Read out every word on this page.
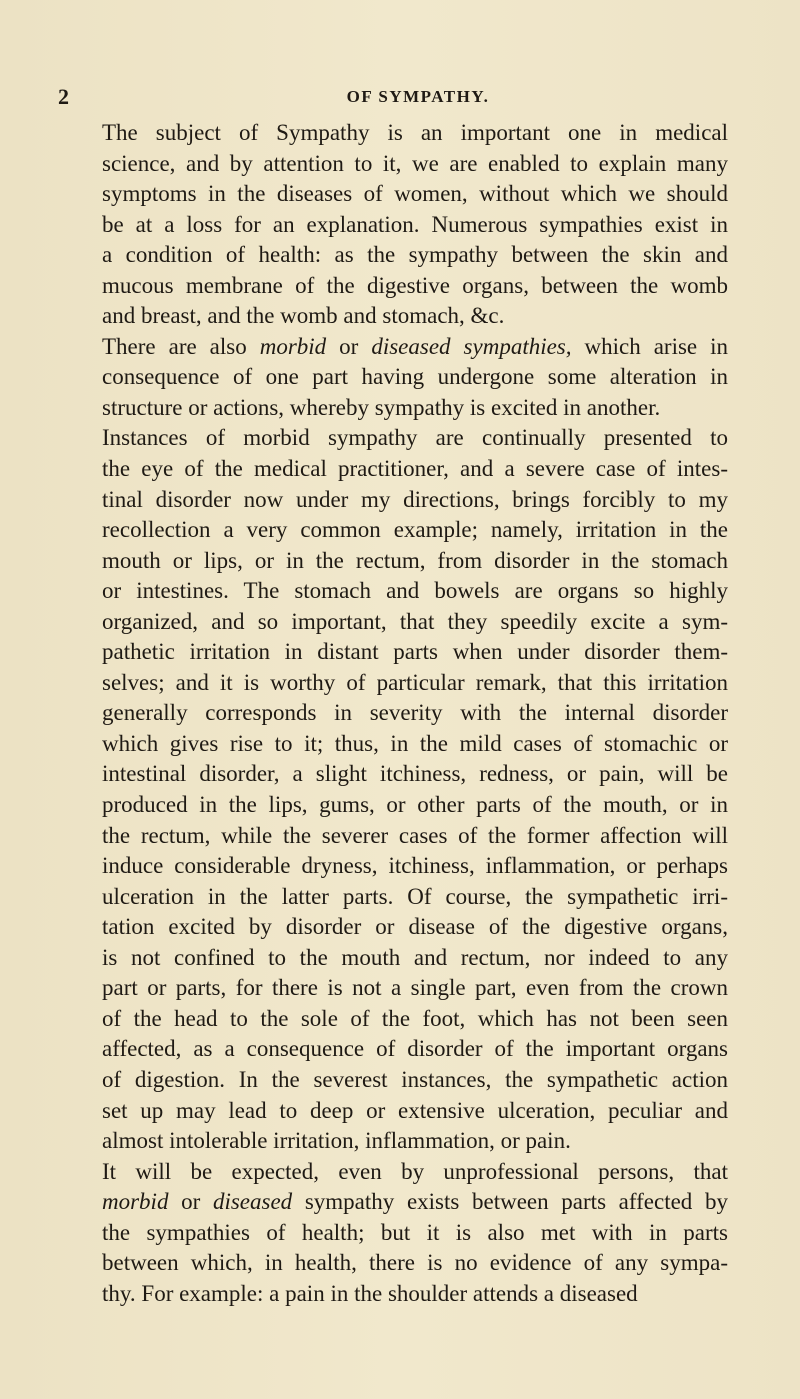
2	OF SYMPATHY.
The subject of Sympathy is an important one in medical
science, and by attention to it, we are enabled to explain many
symptoms in the diseases of women, without which we should
be at a loss for an explanation. Numerous sympathies exist in
a condition of health: as the sympathy between the skin and
mucous membrane of the digestive organs, between the womb
and breast, and the womb and stomach, &c.
There are also morbid or diseased sympathies, which arise in
consequence of one part having undergone some alteration in
structure or actions, whereby sympathy is excited in another.
Instances of morbid sympathy are continually presented to
the eye of the medical practitioner, and a severe case of intes-
tinal disorder now under my directions, brings forcibly to my
recollection a very common example; namely, irritation in the
mouth or lips, or in the rectum, from disorder in the stomach
or intestines. The stomach and bowels are organs so highly
organized, and so important, that they speedily excite a sym-
pathetic irritation in distant parts when under disorder them-
selves; and it is worthy of particular remark, that this irritation
generally corresponds in severity with the internal disorder
which gives rise to it; thus, in the mild cases of stomachic or
intestinal disorder, a slight itchiness, redness, or pain, will be
produced in the lips, gums, or other parts of the mouth, or in
the rectum, while the severer cases of the former affection will
induce considerable dryness, itchiness, inflammation, or perhaps
ulceration in the latter parts. Of course, the sympathetic irri-
tation excited by disorder or disease of the digestive organs,
is not confined to the mouth and rectum, nor indeed to any
part or parts, for there is not a single part, even from the crown
of the head to the sole of the foot, which has not been seen
affected, as a consequence of disorder of the important organs
of digestion. In the severest instances, the sympathetic action
set up may lead to deep or extensive ulceration, peculiar and
almost intolerable irritation, inflammation, or pain.
It will be expected, even by unprofessional persons, that
morbid or diseased sympathy exists between parts affected by
the sympathies of health; but it is also met with in parts
between which, in health, there is no evidence of any sympa-
thy. For example: a pain in the shoulder attends a diseased
